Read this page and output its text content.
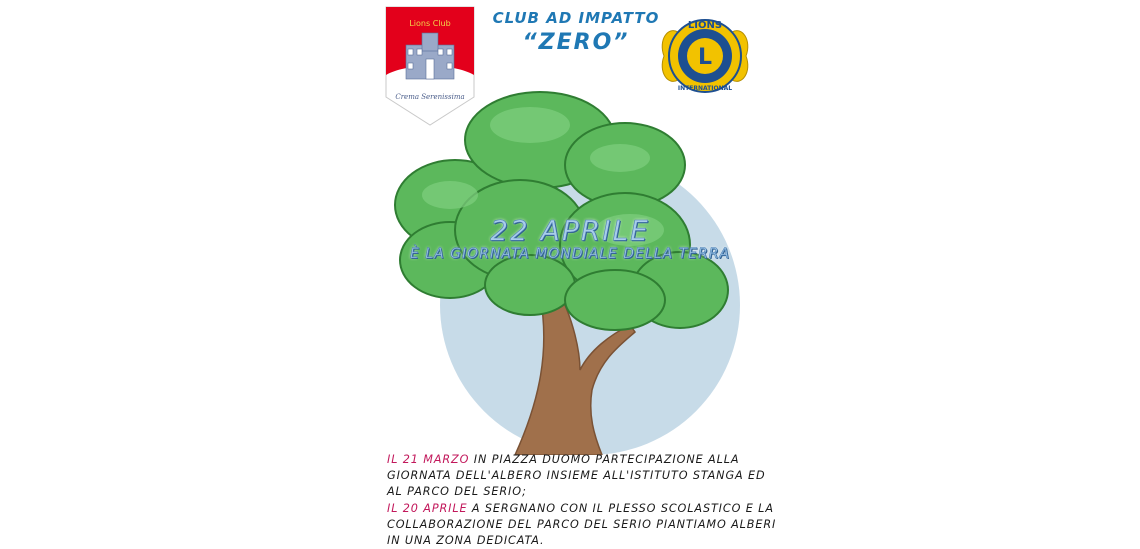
Lions Club
Crema Serenissima
CLUB AD IMPATTO
“ZERO”
LIONS
L
INTERNATIONAL
22 APRILE
È LA GIORNATA MONDIALE DELLA TERRA
IL 21 MARZO IN PIAZZA DUOMO PARTECIPAZIONE ALLA GIORNATA DELL'ALBERO INSIEME ALL'ISTITUTO STANGA ED AL PARCO DEL SERIO;
IL 20 APRILE A SERGNANO CON IL PLESSO SCOLASTICO E LA COLLABORAZIONE DEL PARCO DEL SERIO PIANTIAMO ALBERI IN UNA ZONA DEDICATA.
